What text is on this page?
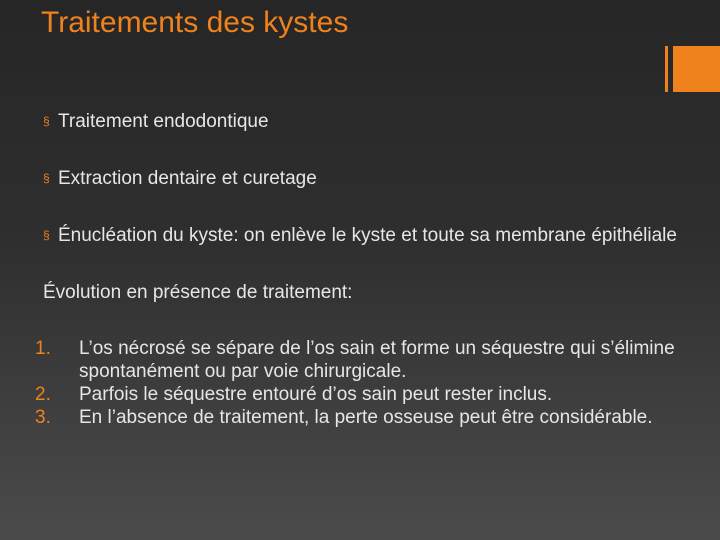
Traitements des kystes
§ Traitement endodontique
§ Extraction dentaire et curetage
§ Énucléation du kyste: on enlève le kyste et toute sa membrane épithéliale
Évolution en présence de traitement:
1.	L’os nécrosé se sépare de l’os sain et forme un séquestre qui s’élimine spontanément ou par voie chirurgicale.
2.	Parfois le séquestre entouré d’os sain peut rester inclus.
3.	En l’absence de traitement, la perte osseuse peut être considérable.
